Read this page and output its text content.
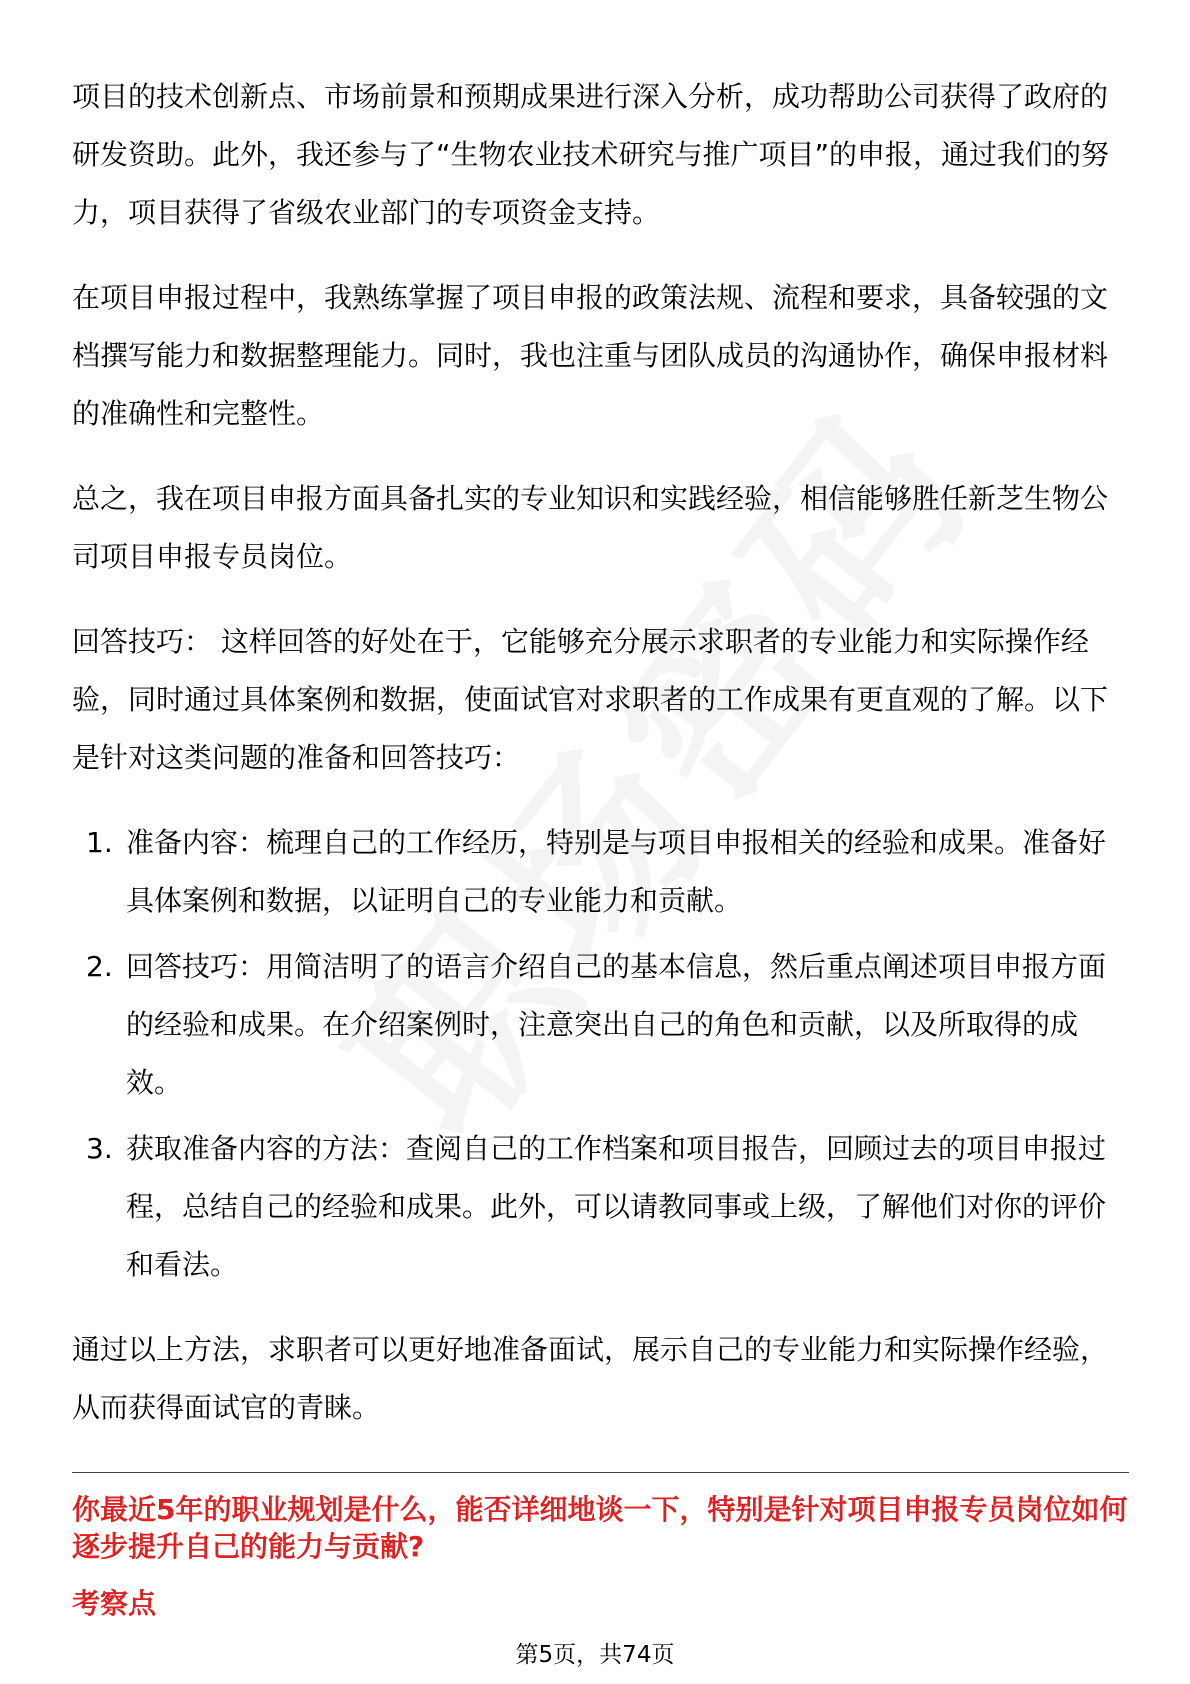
项目的技术创新点、市场前景和预期成果进行深入分析，成功帮助公司获得了政府的研发资助。此外，我还参与了“生物农业技术研究与推广项目”的申报，通过我们的努力，项目获得了省级农业部门的专项资金支持。

在项目申报过程中，我熟练掌握了项目申报的政策法规、流程和要求，具备较强的文档撰写能力和数据整理能力。同时，我也注重与团队成员的沟通协作，确保申报材料的准确性和完整性。

总之，我在项目申报方面具备扎实的专业知识和实践经验，相信能够胜任新芝生物公司项目申报专员岗位。

回答技巧： 这样回答的好处在于，它能够充分展示求职者的专业能力和实际操作经验，同时通过具体案例和数据，使面试官对求职者的工作成果有更直观的了解。以下是针对这类问题的准备和回答技巧：

1. 准备内容：梳理自己的工作经历，特别是与项目申报相关的经验和成果。准备好具体案例和数据，以证明自己的专业能力和贡献。
2. 回答技巧：用简洁明了的语言介绍自己的基本信息，然后重点阐述项目申报方面的经验和成果。在介绍案例时，注意突出自己的角色和贡献，以及所取得的成效。
3. 获取准备内容的方法：查阅自己的工作档案和项目报告，回顾过去的项目申报过程，总结自己的经验和成果。此外，可以请教同事或上级，了解他们对你的评价和看法。

通过以上方法，求职者可以更好地准备面试，展示自己的专业能力和实际操作经验，从而获得面试官的青睐。

你最近5年的职业规划是什么，能否详细地谈一下，特别是针对项目申报专员岗位如何逐步提升自己的能力与贡献?

考察点

第5页，共74页
